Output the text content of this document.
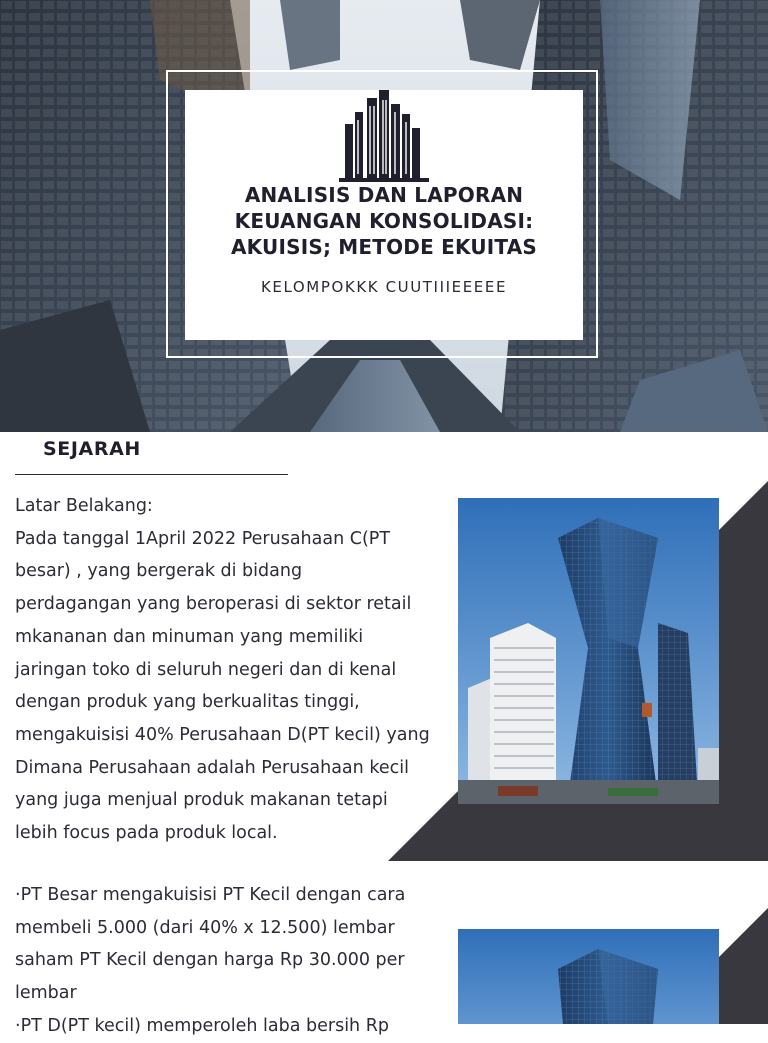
ANALISIS DAN LAPORAN
KEUANGAN KONSOLIDASI:
AKUISIS; METODE EKUITAS
KELOMPOKKK CUUTIIIEEEEE
SEJARAH

Latar Belakang:

Pada tanggal 1April 2022 Perusahaan C(PT

besar) , yang bergerak di bidang

perdagangan yang beroperasi di sektor retail

mkananan dan minuman yang memiliki

jaringan toko di seluruh negeri dan di kenal

dengan produk yang berkualitas tinggi,

mengakuisisi 40% Perusahaan D(PT kecil) yang

Dimana Perusahaan adalah Perusahaan kecil

yang juga menjual produk makanan tetapi

lebih focus pada produk local.

·PT Besar mengakuisisi PT Kecil dengan cara

membeli 5.000 (dari 40% x 12.500) lembar

saham PT Kecil dengan harga Rp 30.000 per

lembar

·PT D(PT kecil) memperoleh laba bersih Rp
